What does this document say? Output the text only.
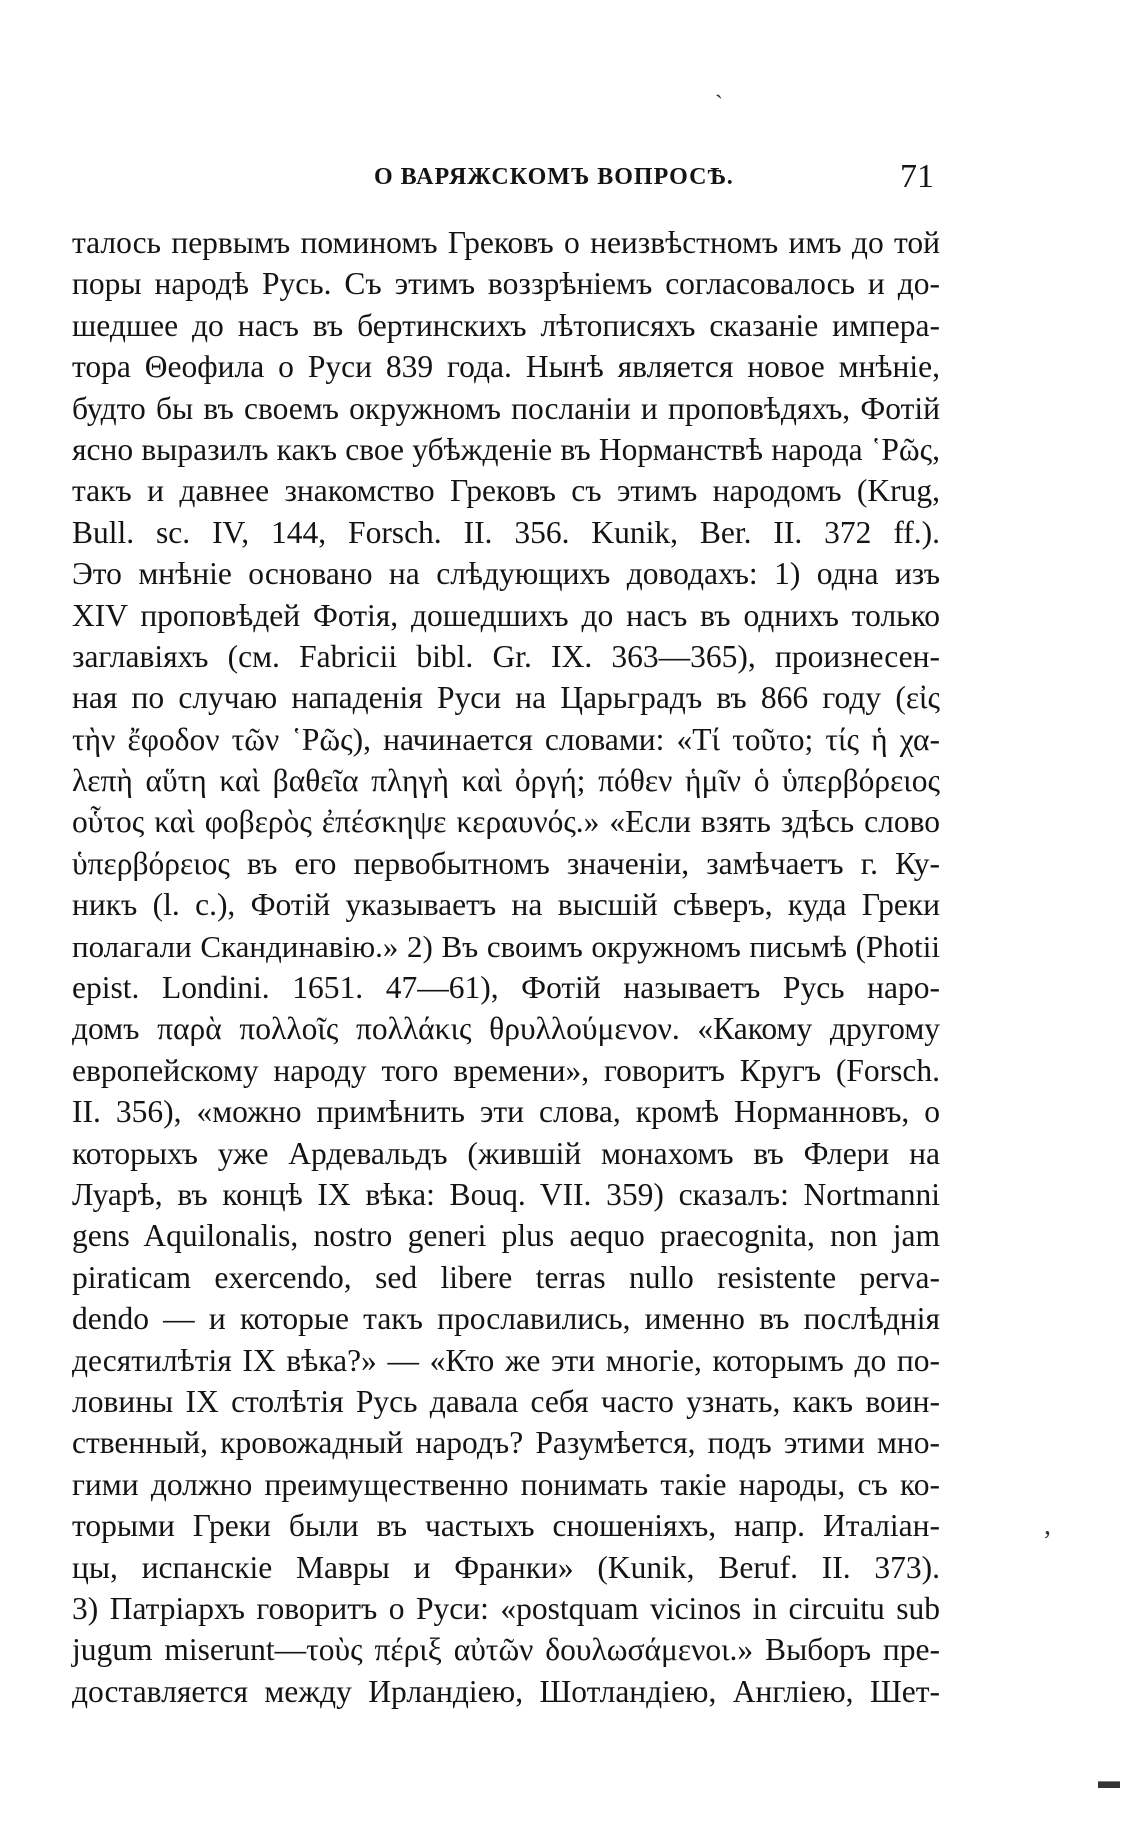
`
О ВАРЯЖСКОМЪ ВОПРОСѢ.	71
талось первымъ поминомъ Грековъ о неизвѣстномъ имъ до той
поры народѣ Русь. Съ этимъ воззрѣніемъ согласовалось и до-
шедшее до насъ въ бертинскихъ лѣтописяхъ сказаніе импера-
тора Θеофила о Руси 839 года. Нынѣ является новое мнѣніе,
будто бы въ своемъ окружномъ посланіи и проповѣдяхъ, Фотій
ясно выразилъ какъ свое убѣжденіе въ Норманствѣ народа ῾Ρῶς,
такъ и давнее знакомство Грековъ съ этимъ народомъ (Krug,
Bull. sc. IV, 144, Forsch. II. 356. Kunik, Ber. II. 372 ff.).
Это мнѣніе основано на слѣдующихъ доводахъ: 1) одна изъ
XIV проповѣдей Фотія, дошедшихъ до насъ въ однихъ только
заглавіяхъ (см. Fabricii bibl. Gr. IX. 363—365), произнесен-
ная по случаю нападенія Руси на Царьградъ въ 866 году (εἰς
τὴν ἔφοδον τῶν ῾Ρῶς), начинается словами: «Τί τοῦτο; τίς ἡ χα-
λεπὴ αὕτη καὶ βαθεῖα πληγὴ καὶ ὀργή; πόθεν ἡμῖν ὁ ὑπερβόρειος
οὗτος καὶ φοβερὸς ἐπέσκηψε κεραυνός.» «Если взять здѣсь слово
ὑπερβόρειος въ его первобытномъ значеніи, замѣчаетъ г. Ку-
никъ (l. c.), Фотій указываетъ на высшій сѣверъ, куда Греки
полагали Скандинавію.» 2) Въ своимъ окружномъ письмѣ (Photii
epist. Londini. 1651. 47—61), Фотій называетъ Русь наро-
домъ παρὰ πολλοῖς πολλάκις θρυλλούμενον. «Какому другому
европейскому народу того времени», говоритъ Кругъ (Forsch.
II. 356), «можно примѣнить эти слова, кромѣ Норманновъ, о
которыхъ уже Ардевальдъ (жившій монахомъ въ Флери на
Луарѣ, въ концѣ IX вѣка: Bouq. VII. 359) сказалъ: Nortmanni
gens Aquilonalis, nostro generi plus aequo praecognita, non jam
piraticam exercendo, sed libere terras nullo resistente perva-
dendo — и которые такъ прославились, именно въ послѣднія
десятилѣтія IX вѣка?» — «Кто же эти многіе, которымъ до по-
ловины IX столѣтія Русь давала себя часто узнать, какъ воин-
ственный, кровожадный народъ? Разумѣется, подъ этими мно-
гими должно преимущественно понимать такіе народы, съ ко-
торыми Греки были въ частыхъ сношеніяхъ, напр. Италіан-
цы, испанскіе Мавры и Франки» (Kunik, Beruf. II. 373).
3) Патріархъ говоритъ о Руси: «postquam vicinos in circuitu sub
jugum miserunt—τοὺς πέριξ αὐτῶν δουλωσάμενοι.» Выборъ пре-
доставляется между Ирландіею, Шотландіею, Англіею, Шет-
,
▬
